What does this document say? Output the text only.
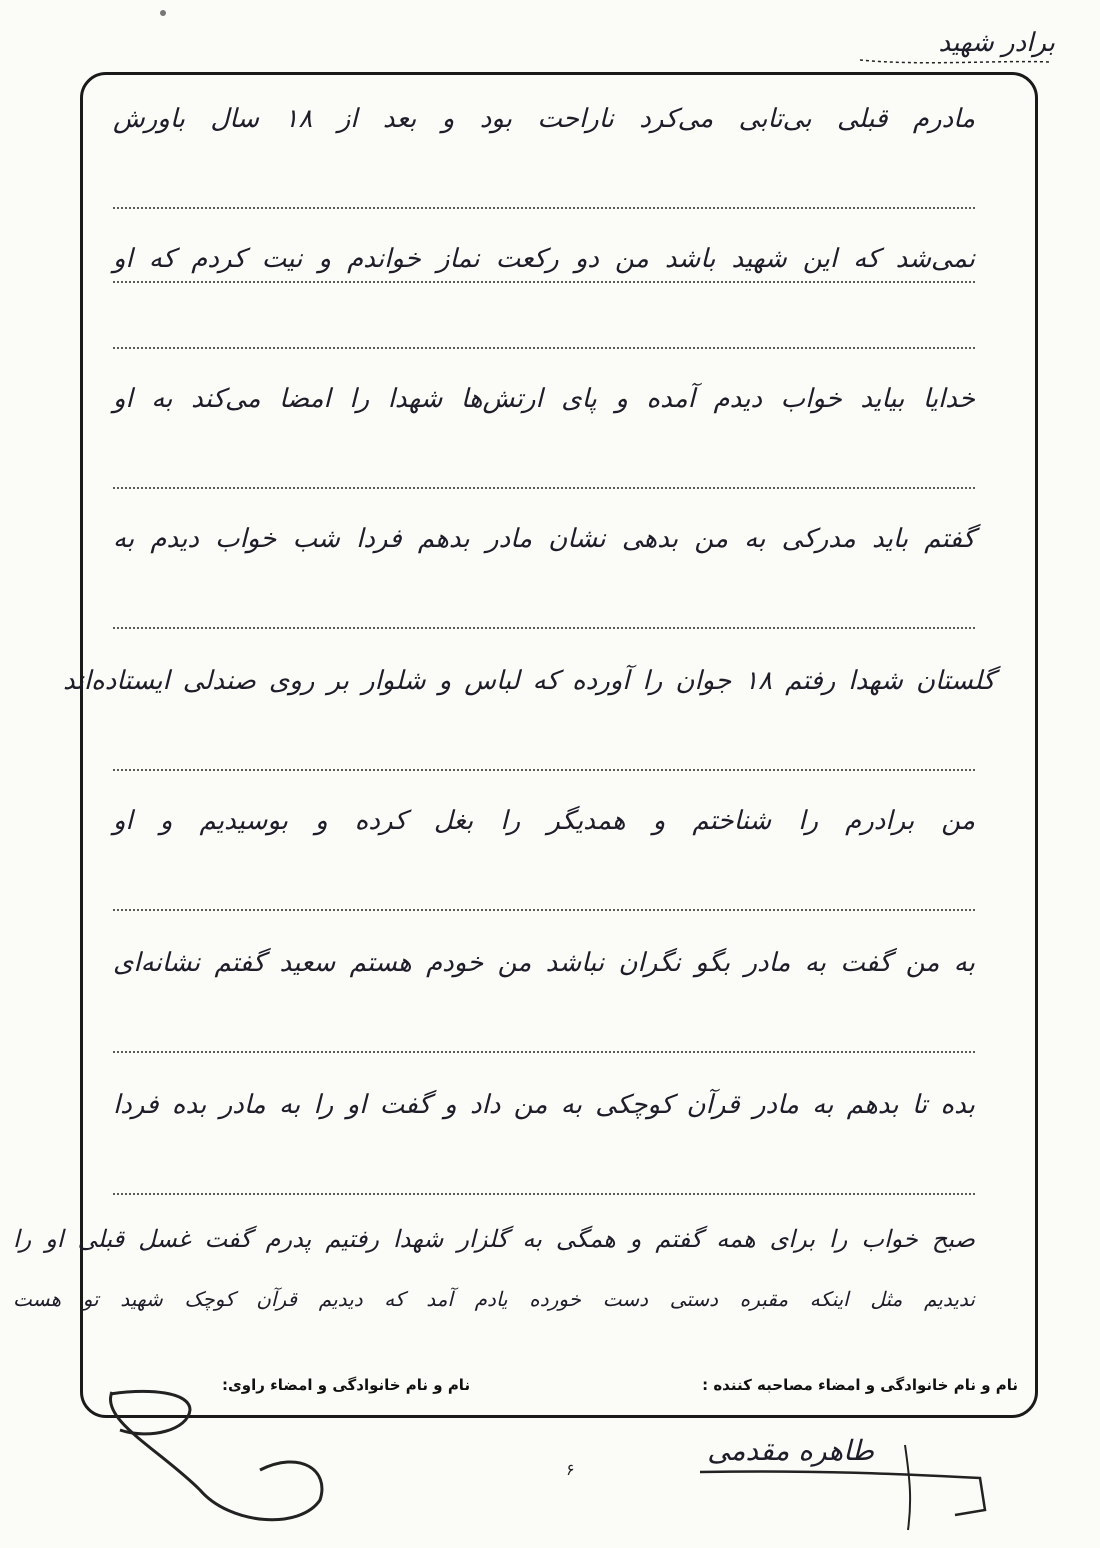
برادر شهید
مادرم قبلی بی‌تابی می‌کرد ناراحت بود و بعد از ۱۸ سال باورش
نمی‌شد که این شهید باشد من دو رکعت نماز خواندم و نیت کردم که او
خدایا بیاید خواب دیدم آمده و پای ارتش‌ها شهدا را امضا می‌کند به او
گفتم باید مدرکی به من بدهی نشان مادر بدهم فردا شب خواب دیدم به
گلستان شهدا رفتم ۱۸ جوان را آورده که لباس و شلوار بر روی صندلی ایستاده‌اند
من برادرم را شناختم و همدیگر را بغل کرده و بوسیدیم و او
به من گفت به مادر بگو نگران نباشد من خودم هستم سعید گفتم نشانه‌ای
بده تا بدهم به مادر قرآن کوچکی به من داد و گفت او را به مادر بده فردا
صبح خواب را برای همه گفتم و همگی به گلزار شهدا رفتیم پدرم گفت غسل قبلی او را
ندیدیم مثل اینکه مقبره دستی دست خورده یادم آمد که دیدیم قرآن کوچک شهید تو هست
نام و نام خانوادگی و امضاء مصاحبه کننده :
نام و نام خانوادگی و امضاء راوی:
طاهره مقدمی
۶
